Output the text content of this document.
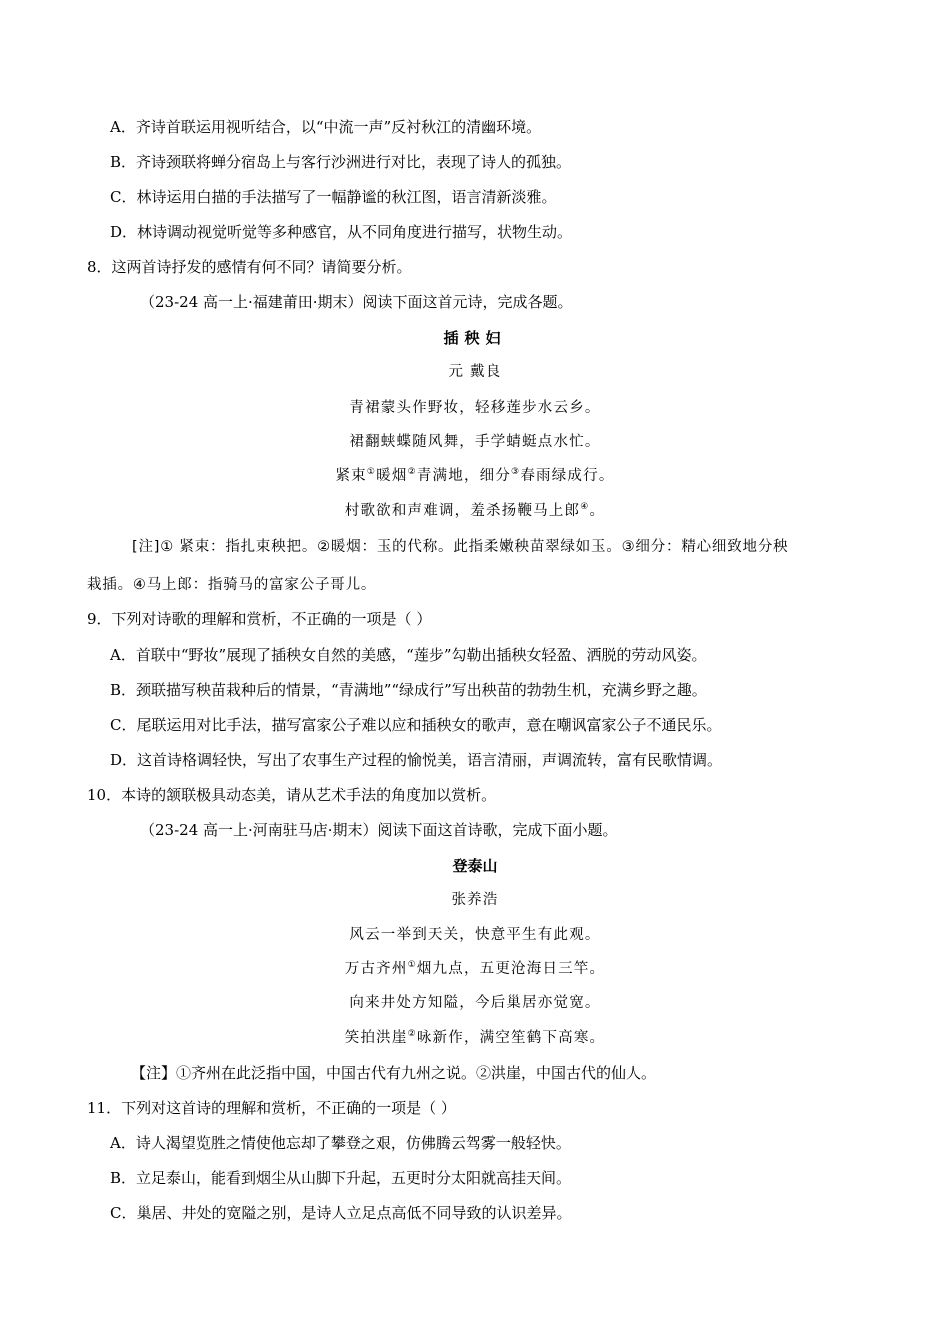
A．齐诗首联运用视听结合，以“中流一声”反衬秋江的清幽环境。
B．齐诗颈联将蝉分宿岛上与客行沙洲进行对比，表现了诗人的孤独。
C．林诗运用白描的手法描写了一幅静谧的秋江图，语言清新淡雅。
D．林诗调动视觉听觉等多种感官，从不同角度进行描写，状物生动。
8．这两首诗抒发的感情有何不同？请简要分析。
（23-24 高一上·福建莆田·期末）阅读下面这首元诗，完成各题。
插秧妇
元 戴良
青裙蒙头作野妆，轻移莲步水云乡。
裙翻蛱蝶随风舞，手学蜻蜓点水忙。
紧束①暖烟②青满地，细分③春雨绿成行。
村歌欲和声难调，羞杀扬鞭马上郎④。
[注]① 紧束：指扎束秧把。②暖烟：玉的代称。此指柔嫩秧苗翠绿如玉。③细分：精心细致地分秧
栽插。④马上郎：指骑马的富家公子哥儿。
9．下列对诗歌的理解和赏析，不正确的一项是（ ）
A．首联中“野妆”展现了插秧女自然的美感，“莲步”勾勒出插秧女轻盈、洒脱的劳动风姿。
B．颈联描写秧苗栽种后的情景，“青满地”“绿成行”写出秧苗的勃勃生机，充满乡野之趣。
C．尾联运用对比手法，描写富家公子难以应和插秧女的歌声，意在嘲讽富家公子不通民乐。
D．这首诗格调轻快，写出了农事生产过程的愉悦美，语言清丽，声调流转，富有民歌情调。
10．本诗的颔联极具动态美，请从艺术手法的角度加以赏析。
（23-24 高一上·河南驻马店·期末）阅读下面这首诗歌，完成下面小题。
登泰山
张养浩
风云一举到天关，快意平生有此观。
万古齐州①烟九点，五更沧海日三竿。
向来井处方知隘，今后巢居亦觉宽。
笑拍洪崖②咏新作，满空笙鹤下高寒。
【注】①齐州在此泛指中国，中国古代有九州之说。②洪崖，中国古代的仙人。
11．下列对这首诗的理解和赏析，不正确的一项是（ ）
A．诗人渴望览胜之情使他忘却了攀登之艰，仿佛腾云驾雾一般轻快。
B．立足泰山，能看到烟尘从山脚下升起，五更时分太阳就高挂天间。
C．巢居、井处的宽隘之别，是诗人立足点高低不同导致的认识差异。
